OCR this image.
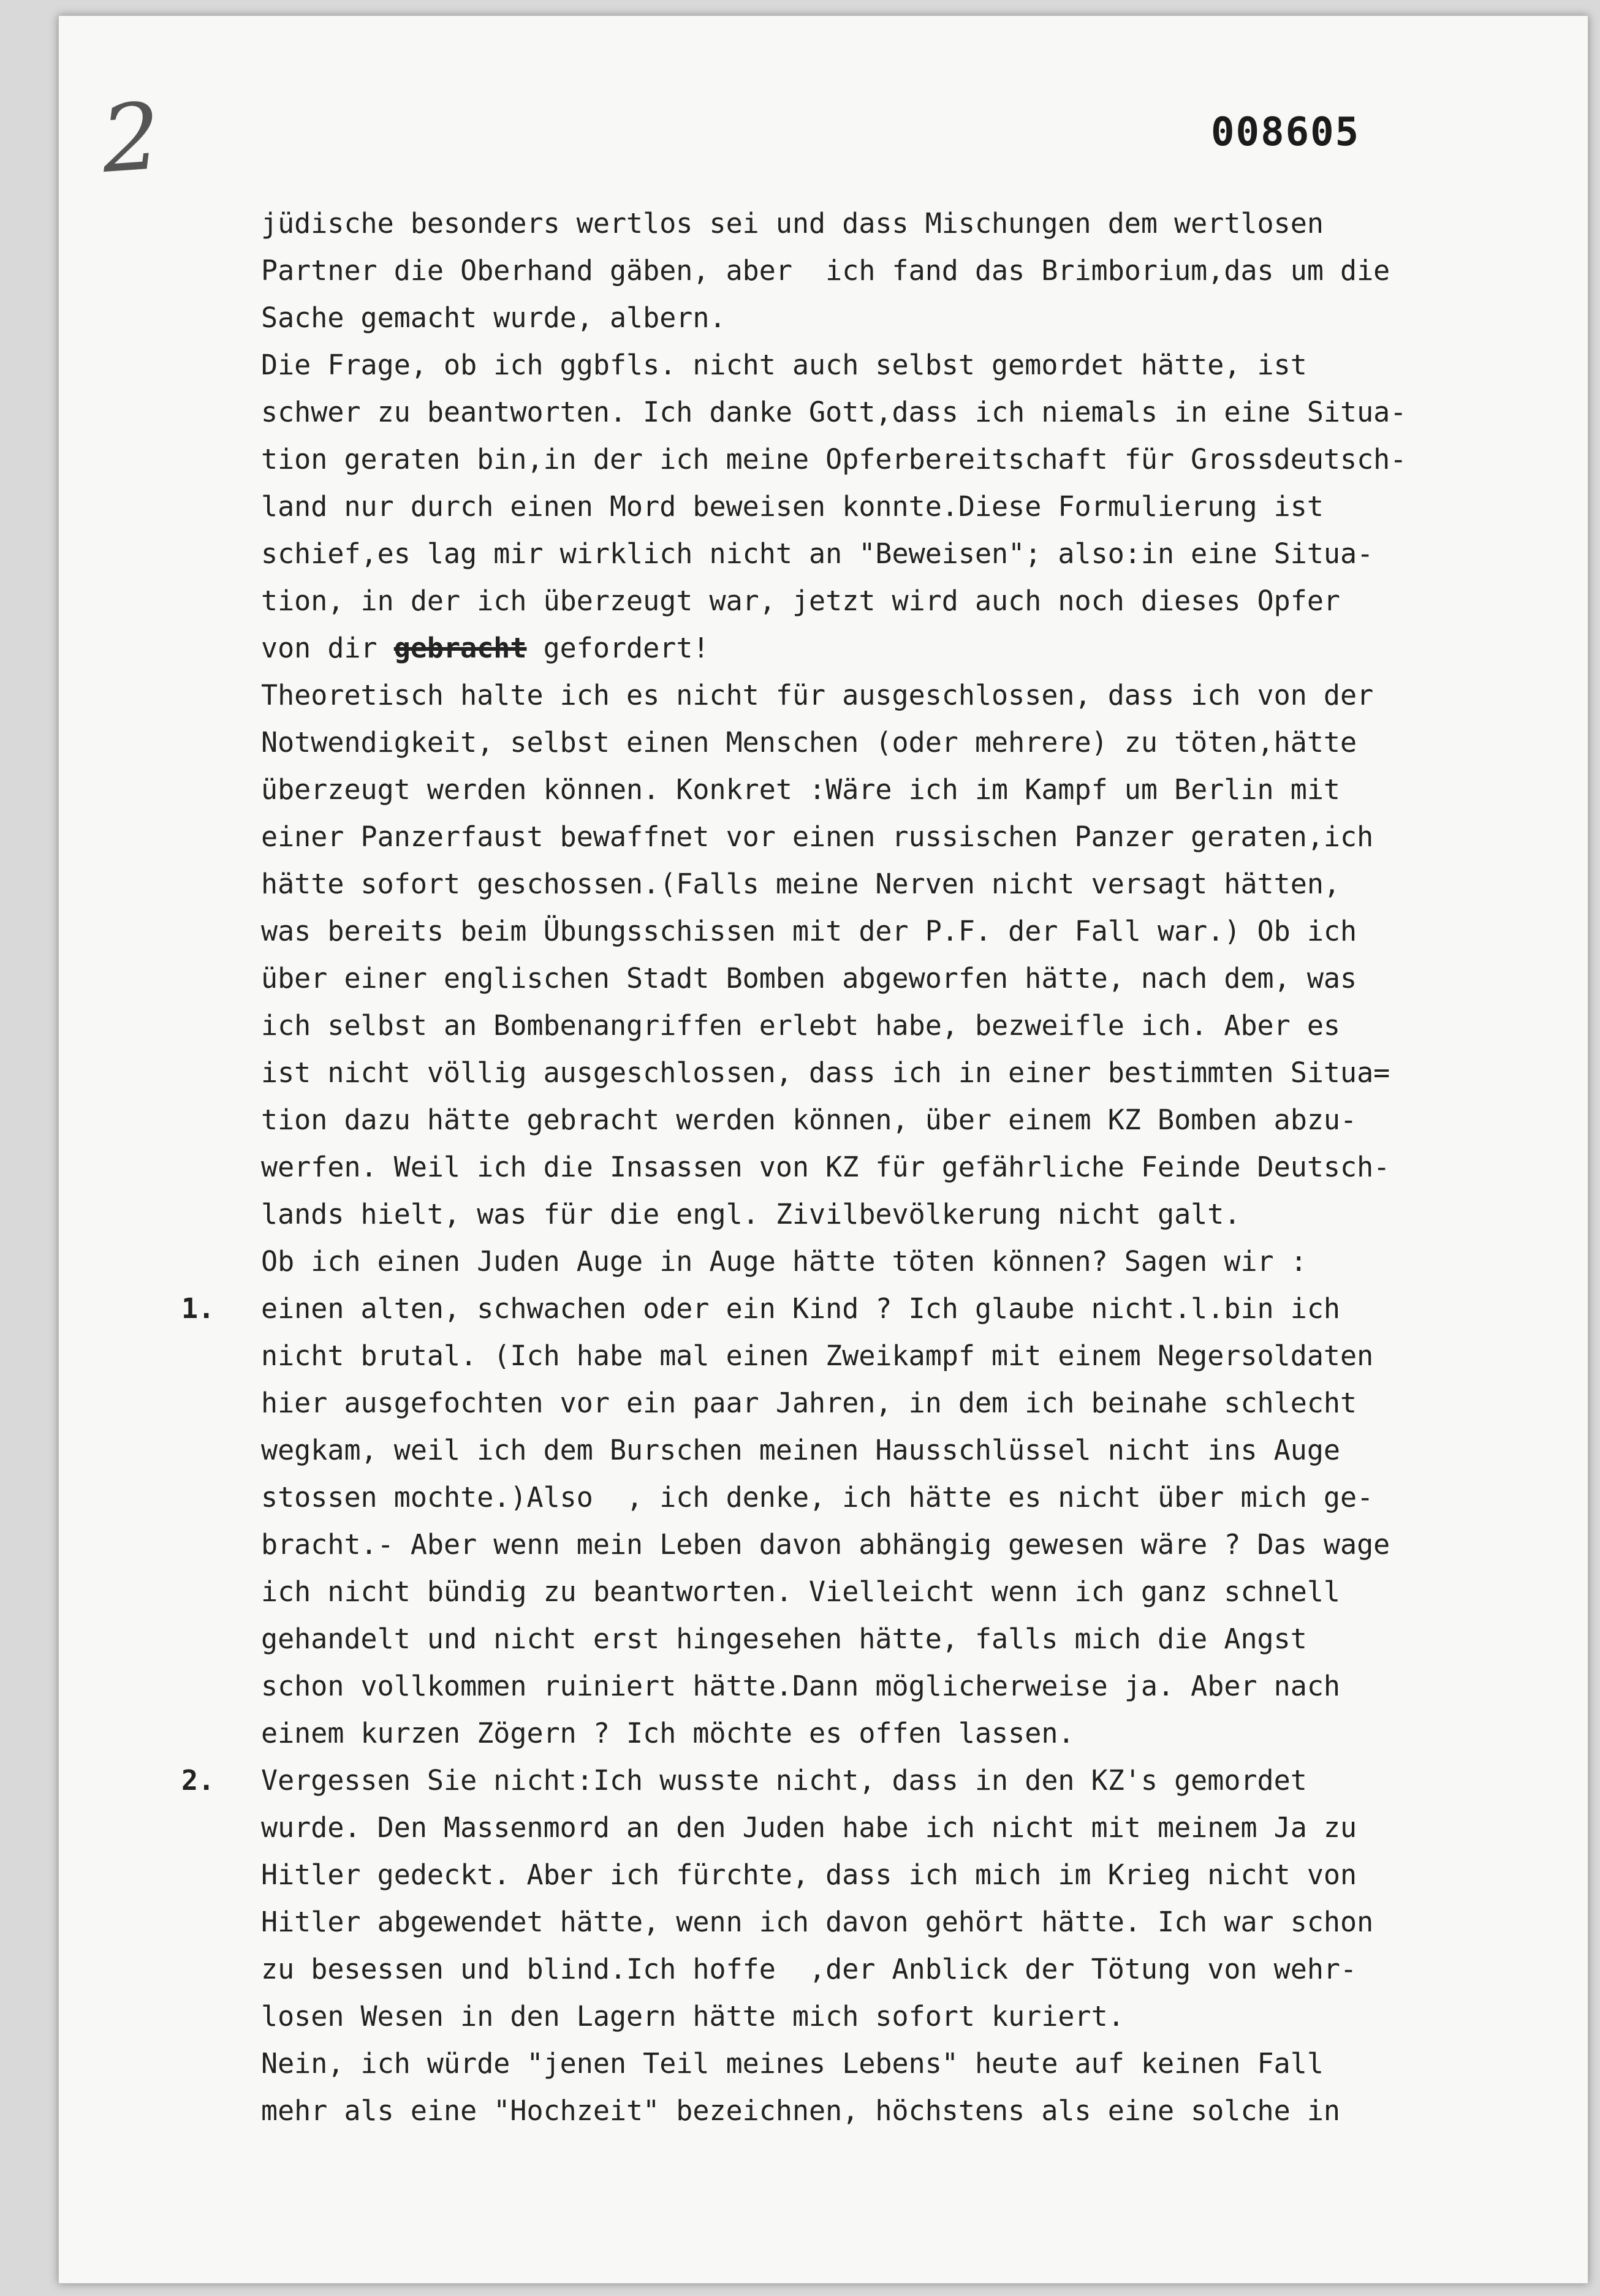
2	008605
jüdische besonders wertlos sei und dass Mischungen dem wertlosen
Partner die Oberhand gäben, aber  ich fand das Brimborium,das um die
Sache gemacht wurde, albern.
Die Frage, ob ich ggbfls. nicht auch selbst gemordet hätte, ist
schwer zu beantworten. Ich danke Gott,dass ich niemals in eine Situa-
tion geraten bin,in der ich meine Opferbereitschaft für Grossdeutsch-
land nur durch einen Mord beweisen konnte.Diese Formulierung ist
schief,es lag mir wirklich nicht an "Beweisen"; also:in eine Situa-
tion, in der ich überzeugt war, jetzt wird auch noch dieses Opfer
von dir gebracht gefordert!
Theoretisch halte ich es nicht für ausgeschlossen, dass ich von der
Notwendigkeit, selbst einen Menschen (oder mehrere) zu töten,hätte
überzeugt werden können. Konkret :Wäre ich im Kampf um Berlin mit
einer Panzerfaust bewaffnet vor einen russischen Panzer geraten,ich
hätte sofort geschossen.(Falls meine Nerven nicht versagt hätten,
was bereits beim Übungsschissen mit der P.F. der Fall war.) Ob ich
über einer englischen Stadt Bomben abgeworfen hätte, nach dem, was
ich selbst an Bombenangriffen erlebt habe, bezweifle ich. Aber es
ist nicht völlig ausgeschlossen, dass ich in einer bestimmten Situa=
tion dazu hätte gebracht werden können, über einem KZ Bomben abzu-
werfen. Weil ich die Insassen von KZ für gefährliche Feinde Deutsch-
lands hielt, was für die engl. Zivilbevölkerung nicht galt.
Ob ich einen Juden Auge in Auge hätte töten können? Sagen wir :
1. einen alten, schwachen oder ein Kind ? Ich glaube nicht.l.bin ich
nicht brutal. (Ich habe mal einen Zweikampf mit einem Negersoldaten
hier ausgefochten vor ein paar Jahren, in dem ich beinahe schlecht
wegkam, weil ich dem Burschen meinen Hausschlüssel nicht ins Auge
stossen mochte.)Also  , ich denke, ich hätte es nicht über mich ge-
bracht.- Aber wenn mein Leben davon abhängig gewesen wäre ? Das wage
ich nicht bündig zu beantworten. Vielleicht wenn ich ganz schnell
gehandelt und nicht erst hingesehen hätte, falls mich die Angst
schon vollkommen ruiniert hätte.Dann möglicherweise ja. Aber nach
einem kurzen Zögern ? Ich möchte es offen lassen.
2. Vergessen Sie nicht:Ich wusste nicht, dass in den KZ's gemordet
wurde. Den Massenmord an den Juden habe ich nicht mit meinem Ja zu
Hitler gedeckt. Aber ich fürchte, dass ich mich im Krieg nicht von
Hitler abgewendet hätte, wenn ich davon gehört hätte. Ich war schon
zu besessen und blind.Ich hoffe  ,der Anblick der Tötung von wehr-
losen Wesen in den Lagern hätte mich sofort kuriert.
Nein, ich würde "jenen Teil meines Lebens" heute auf keinen Fall
mehr als eine "Hochzeit" bezeichnen, höchstens als eine solche in
